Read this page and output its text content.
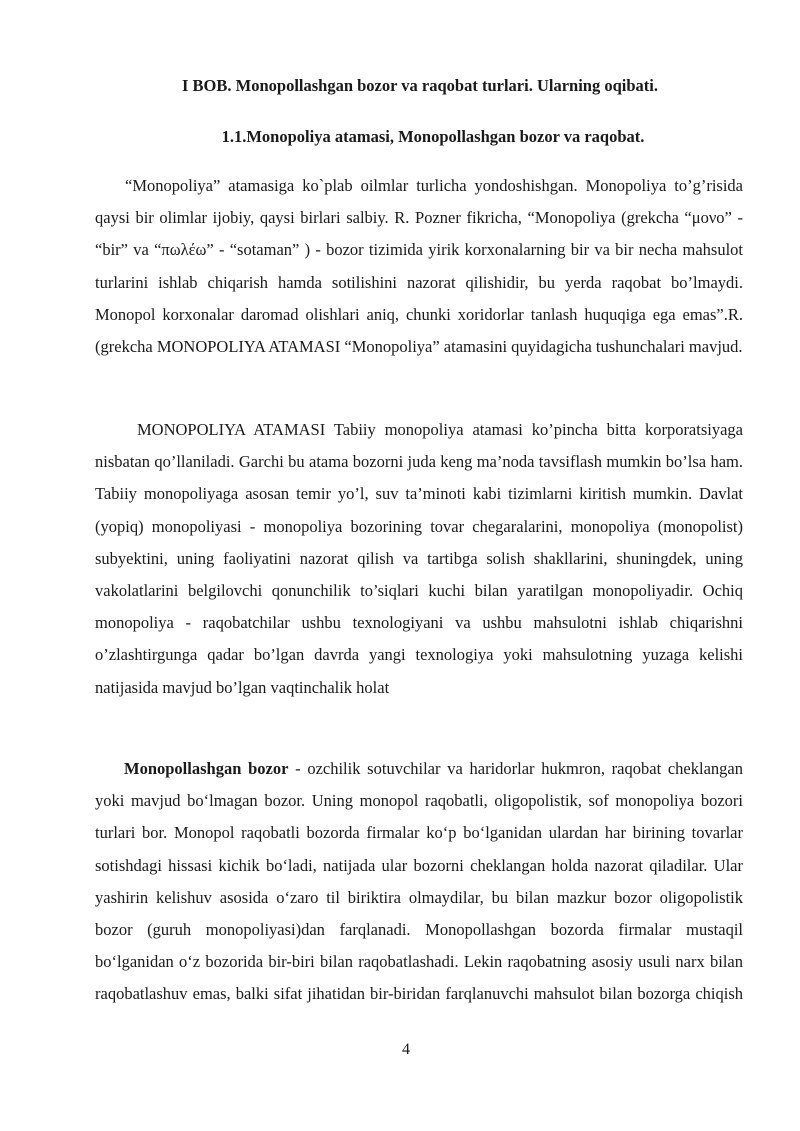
I BOB. Monopollashgan bozor va raqobat turlari. Ularning oqibati.
1.1.Monopoliya atamasi, Monopollashgan bozor va raqobat.
“Monopoliya” atamasiga ko`plab oilmlar turlicha yondoshishgan. Monopoliya to’g’risida qaysi bir olimlar ijobiy, qaysi birlari salbiy. R. Pozner fikricha, “Monopoliya (grekcha “μονο” - “bir” va “πωλέω” - “sotaman” ) - bozor tizimida yirik korxonalarning bir va bir necha mahsulot turlarini ishlab chiqarish hamda sotilishini nazorat qilishidir, bu yerda raqobat bo’lmaydi. Monopol korxonalar daromad olishlari aniq, chunki xoridorlar tanlash huquqiga ega emas”.R. (grekcha MONOPOLIYA ATAMASI “Monopoliya” atamasini quyidagicha tushunchalari mavjud.
MONOPOLIYA ATAMASI Tabiiy monopoliya atamasi ko’pincha bitta korporatsiyaga nisbatan qo’llaniladi. Garchi bu atama bozorni juda keng ma’noda tavsiflash mumkin bo’lsa ham. Tabiiy monopoliyaga asosan temir yo’l, suv ta’minoti kabi tizimlarni kiritish mumkin. Davlat (yopiq) monopoliyasi - monopoliya bozorining tovar chegaralarini, monopoliya (monopolist) subyektini, uning faoliyatini nazorat qilish va tartibga solish shakllarini, shuningdek, uning vakolatlarini belgilovchi qonunchilik to’siqlari kuchi bilan yaratilgan monopoliyadir. Ochiq monopoliya - raqobatchilar ushbu texnologiyani va ushbu mahsulotni ishlab chiqarishni o’zlashtirgunga qadar bo’lgan davrda yangi texnologiya yoki mahsulotning yuzaga kelishi natijasida mavjud bo’lgan vaqtinchalik holat
Monopollashgan bozor - ozchilik sotuvchilar va haridorlar hukmron, raqobat cheklangan yoki mavjud bo‘lmagan bozor. Uning monopol raqobatli, oligopolistik, sof monopoliya bozori turlari bor. Monopol raqobatli bozorda firmalar ko‘p bo‘lganidan ulardan har birining tovarlar sotishdagi hissasi kichik bo‘ladi, natijada ular bozorni cheklangan holda nazorat qiladilar. Ular yashirin kelishuv asosida o‘zaro til biriktira olmaydilar, bu bilan mazkur bozor oligopolistik bozor (guruh monopoliyasi)dan farqlanadi. Monopollashgan bozorda firmalar mustaqil bo‘lganidan o‘z bozorida bir-biri bilan raqobatlashadi. Lekin raqobatning asosiy usuli narx bilan raqobatlashuv emas, balki sifat jihatidan bir-biridan farqlanuvchi mahsulot bilan bozorga chiqish
4
